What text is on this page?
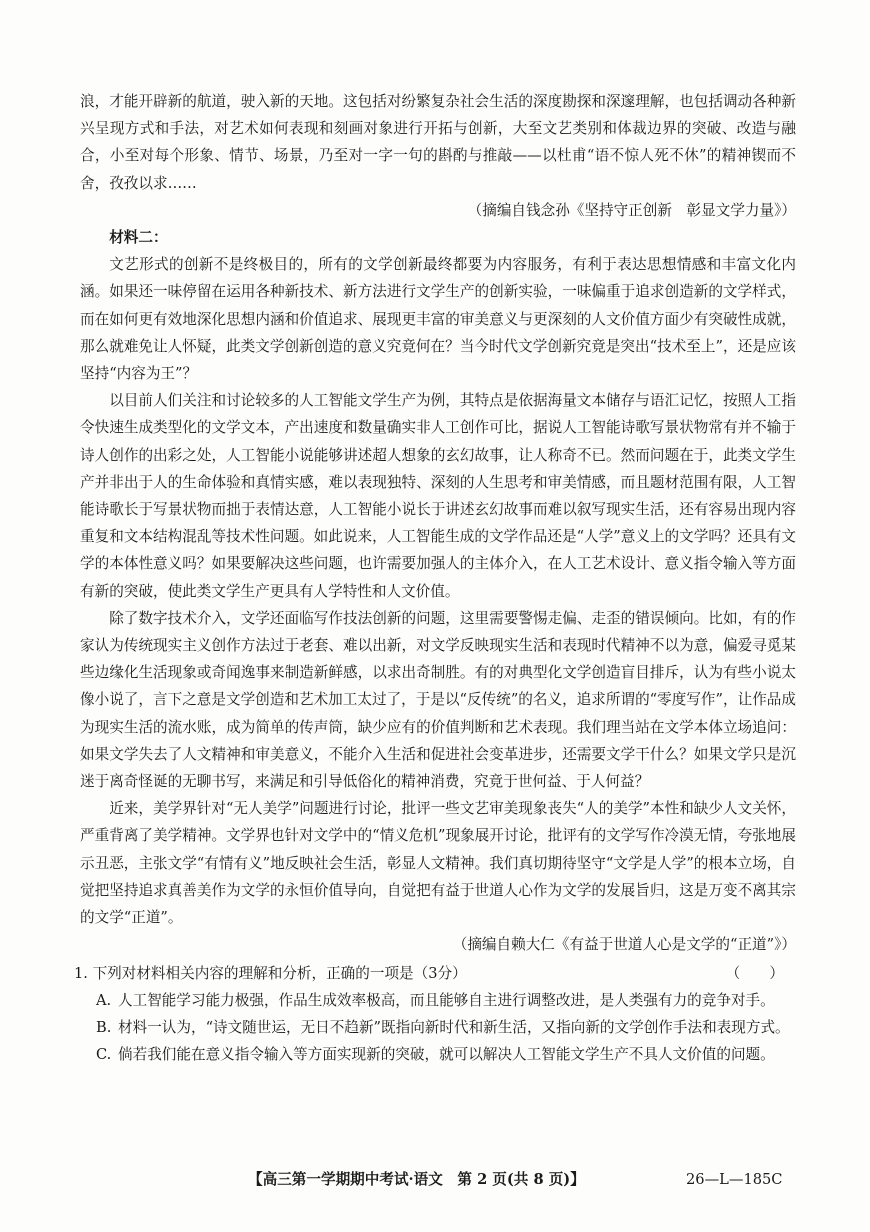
浪，才能开辟新的航道，驶入新的天地。这包括对纷繁复杂社会生活的深度勘探和深邃理解，也包括调动各种新兴呈现方式和手法，对艺术如何表现和刻画对象进行开拓与创新，大至文艺类别和体裁边界的突破、改造与融合，小至对每个形象、情节、场景，乃至对一字一句的斟酌与推敲——以杜甫“语不惊人死不休”的精神锲而不舍，孜孜以求……

（摘编自钱念孙《坚持守正创新　彰显文学力量》）

材料二：

文艺形式的创新不是终极目的，所有的文学创新最终都要为内容服务，有利于表达思想情感和丰富文化内涵。如果还一味停留在运用各种新技术、新方法进行文学生产的创新实验，一味偏重于追求创造新的文学样式，而在如何更有效地深化思想内涵和价值追求、展现更丰富的审美意义与更深刻的人文价值方面少有突破性成就，那么就难免让人怀疑，此类文学创新创造的意义究竟何在？当今时代文学创新究竟是突出“技术至上”，还是应该坚持“内容为王”？

以目前人们关注和讨论较多的人工智能文学生产为例，其特点是依据海量文本储存与语汇记忆，按照人工指令快速生成类型化的文学文本，产出速度和数量确实非人工创作可比，据说人工智能诗歌写景状物常有并不输于诗人创作的出彩之处，人工智能小说能够讲述超人想象的玄幻故事，让人称奇不已。然而问题在于，此类文学生产并非出于人的生命体验和真情实感，难以表现独特、深刻的人生思考和审美情感，而且题材范围有限，人工智能诗歌长于写景状物而拙于表情达意，人工智能小说长于讲述玄幻故事而难以叙写现实生活，还有容易出现内容重复和文本结构混乱等技术性问题。如此说来，人工智能生成的文学作品还是“人学”意义上的文学吗？还具有文学的本体性意义吗？如果要解决这些问题，也许需要加强人的主体介入，在人工艺术设计、意义指令输入等方面有新的突破，使此类文学生产更具有人学特性和人文价值。

除了数字技术介入，文学还面临写作技法创新的问题，这里需要警惕走偏、走歪的错误倾向。比如，有的作家认为传统现实主义创作方法过于老套、难以出新，对文学反映现实生活和表现时代精神不以为意，偏爱寻觅某些边缘化生活现象或奇闻逸事来制造新鲜感，以求出奇制胜。有的对典型化文学创造盲目排斥，认为有些小说太像小说了，言下之意是文学创造和艺术加工太过了，于是以“反传统”的名义，追求所谓的“零度写作”，让作品成为现实生活的流水账，成为简单的传声筒，缺少应有的价值判断和艺术表现。我们理当站在文学本体立场追问：如果文学失去了人文精神和审美意义，不能介入生活和促进社会变革进步，还需要文学干什么？如果文学只是沉迷于离奇怪诞的无聊书写，来满足和引导低俗化的精神消费，究竟于世何益、于人何益？

近来，美学界针对“无人美学”问题进行讨论，批评一些文艺审美现象丧失“人的美学”本性和缺少人文关怀，严重背离了美学精神。文学界也针对文学中的“情义危机”现象展开讨论，批评有的文学写作冷漠无情，夸张地展示丑恶，主张文学“有情有义”地反映社会生活，彰显人文精神。我们真切期待坚守“文学是人学”的根本立场，自觉把坚持追求真善美作为文学的永恒价值导向，自觉把有益于世道人心作为文学的发展旨归，这是万变不离其宗的文学“正道”。

（摘编自赖大仁《有益于世道人心是文学的“正道”》）

1. 下列对材料相关内容的理解和分析，正确的一项是（3分）	（　　）
A. 人工智能学习能力极强，作品生成效率极高，而且能够自主进行调整改进，是人类强有力的竞争对手。
B. 材料一认为，“诗文随世运，无日不趋新”既指向新时代和新生活，又指向新的文学创作手法和表现方式。
C. 倘若我们能在意义指令输入等方面实现新的突破，就可以解决人工智能文学生产不具人文价值的问题。
【高三第一学期期中考试·语文　第 2 页(共 8 页)】	26—L—185C
